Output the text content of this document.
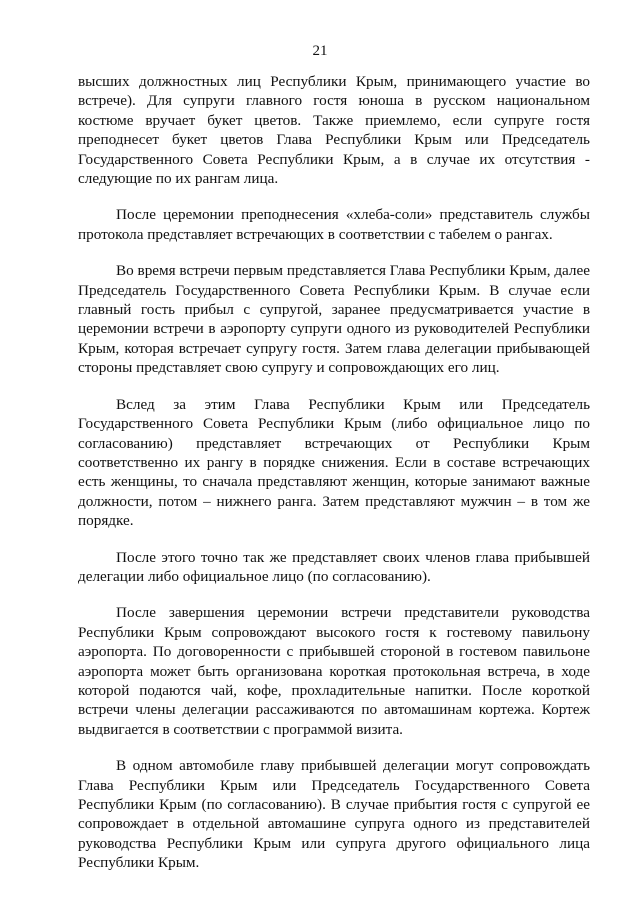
21

высших должностных лиц Республики Крым, принимающего участие во встрече). Для супруги главного гостя юноша в русском национальном костюме вручает букет цветов. Также приемлемо, если супруге гостя преподнесет букет цветов Глава Республики Крым или Председатель Государственного Совета Республики Крым, а в случае их отсутствия - следующие по их рангам лица.

После церемонии преподнесения «хлеба-соли» представитель службы протокола представляет встречающих в соответствии с табелем о рангах.

Во время встречи первым представляется Глава Республики Крым, далее Председатель Государственного Совета Республики Крым. В случае если главный гость прибыл с супругой, заранее предусматривается участие в церемонии встречи в аэропорту супруги одного из руководителей Республики Крым, которая встречает супругу гостя. Затем глава делегации прибывающей стороны представляет свою супругу и сопровождающих его лиц.

Вслед за этим Глава Республики Крым или Председатель Государственного Совета Республики Крым (либо официальное лицо по согласованию) представляет встречающих от Республики Крым соответственно их рангу в порядке снижения. Если в составе встречающих есть женщины, то сначала представляют женщин, которые занимают важные должности, потом – нижнего ранга. Затем представляют мужчин – в том же порядке.

После этого точно так же представляет своих членов глава прибывшей делегации либо официальное лицо (по согласованию).

После завершения церемонии встречи представители руководства Республики Крым сопровождают высокого гостя к гостевому павильону аэропорта. По договоренности с прибывшей стороной в гостевом павильоне аэропорта может быть организована короткая протокольная встреча, в ходе которой подаются чай, кофе, прохладительные напитки. После короткой встречи члены делегации рассаживаются по автомашинам кортежа. Кортеж выдвигается в соответствии с программой визита.

В одном автомобиле главу прибывшей делегации могут сопровождать Глава Республики Крым или Председатель Государственного Совета Республики Крым (по согласованию). В случае прибытия гостя с супругой ее сопровождает в отдельной автомашине супруга одного из представителей руководства Республики Крым или супруга другого официального лица Республики Крым.
